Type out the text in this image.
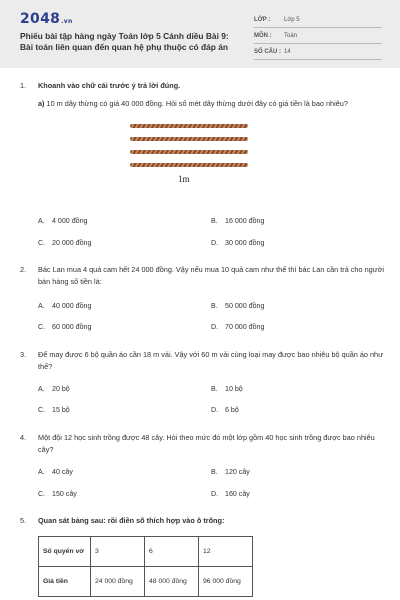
2048.vn
Phiếu bài tập hàng ngày Toán lớp 5 Cánh diều Bài 9: Bài toán liên quan đến quan hệ phụ thuộc có đáp án
LỚP : Lớp 5
MÔN : Toán
SỐ CÂU : 14
1. Khoanh vào chữ cái trước ý trả lời đúng.
a) 10 m dây thừng có giá 40 000 đồng. Hỏi số mét dây thừng dưới đây có giá tiền là bao nhiêu?
1m
A. 4 000 đồng	B. 16 000 đồng
C. 20 000 đồng	D. 30 000 đồng
2. Bác Lan mua 4 quả cam hết 24 000 đồng. Vậy nếu mua 10 quả cam như thế thì bác Lan cần trả cho người bán hàng số tiền là:
A. 40 000 đồng	B. 50 000 đồng
C. 60 000 đồng	D. 70 000 đồng
3. Để may được 6 bộ quần áo cần 18 m vải. Vậy với 60 m vải cùng loại may được bao nhiêu bộ quần áo như thế?
A. 20 bộ	B. 10 bộ
C. 15 bộ	D. 6 bộ
4. Một đội 12 học sinh trồng được 48 cây. Hỏi theo mức đó một lớp gồm 40 học sinh trồng được bao nhiêu cây?
A. 40 cây	B. 120 cây
C. 150 cây	D. 160 cây
5. Quan sát bảng sau: rồi điền số thích hợp vào ô trống:
Số quyển vở	3	6	12
Giá tiền	24 000 đồng	48 000 đồng	96 000 đồng
